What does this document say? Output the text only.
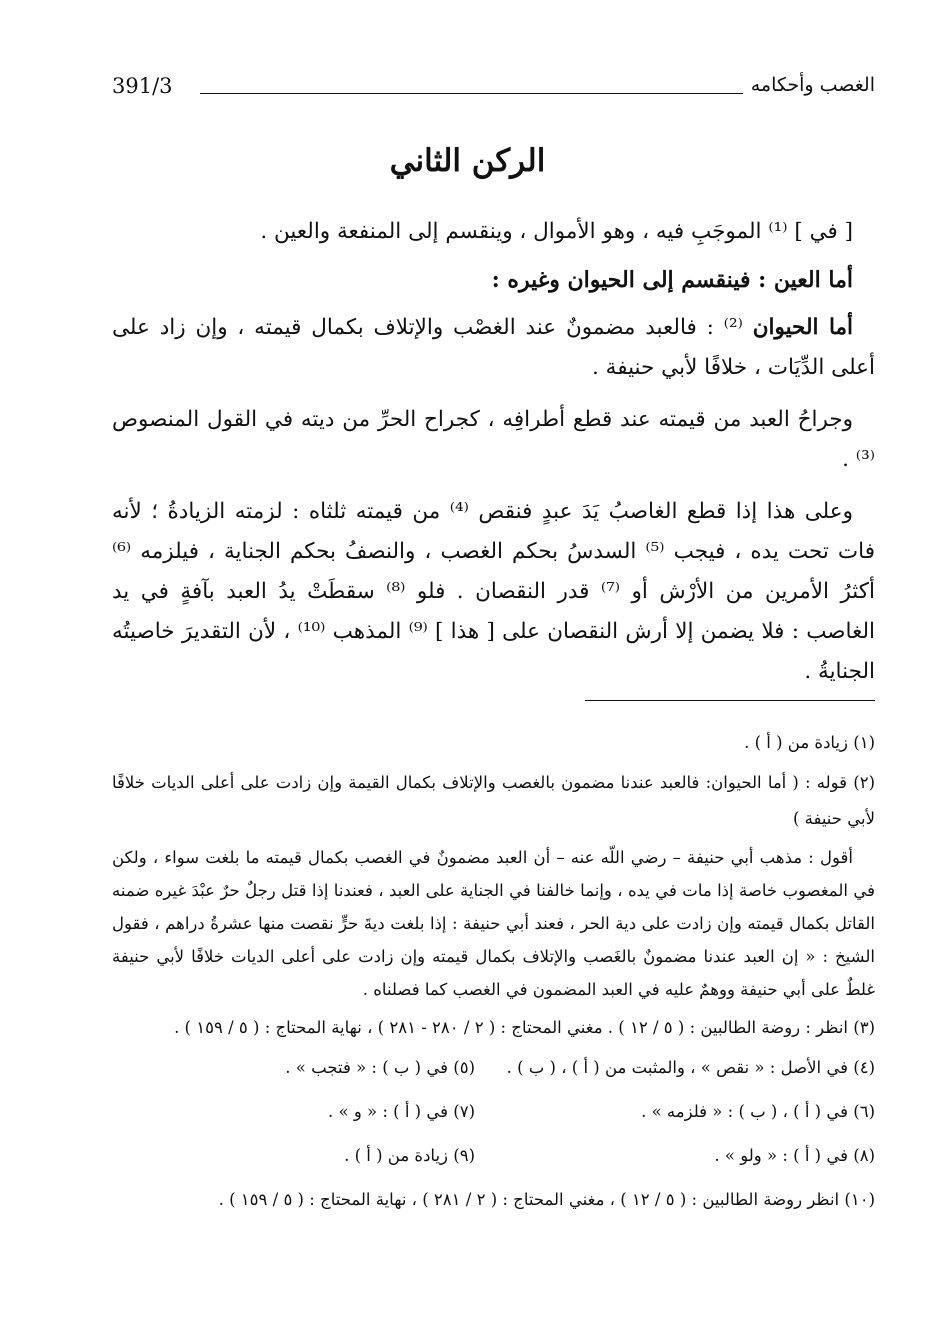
391/3	الغصب وأحكامه
الركن الثاني

[ في ] ⁽¹⁾ الموجَبِ فيه ، وهو الأموال ، وينقسم إلى المنفعة والعين .

أما العين : فينقسم إلى الحيوان وغيره :

أما الحيوان ⁽²⁾ : فالعبد مضمونٌ عند الغصْب والإتلاف بكمال قيمته ، وإن زاد على أعلى الدِّيَات ، خلافًا لأبي حنيفة .

وجراحُ العبد من قيمته عند قطع أطرافِه ، كجراح الحرِّ من ديته في القول المنصوص ⁽³⁾ .

وعلى هذا إذا قطع الغاصبُ يَدَ عبدٍ فنقص ⁽⁴⁾ من قيمته ثلثاه : لزمته الزيادةُ ؛ لأنه فات تحت يده ، فيجب ⁽⁵⁾ السدسُ بحكم الغصب ، والنصفُ بحكم الجناية ، فيلزمه ⁽⁶⁾ أكثرُ الأمرين من الأرْش أو ⁽⁷⁾ قدر النقصان . فلو ⁽⁸⁾ سقطَتْ يدُ العبد بآفةٍ في يد الغاصب : فلا يضمن إلا أرش النقصان على [ هذا ] ⁽⁹⁾ المذهب ⁽¹⁰⁾ ، لأن التقديرَ خاصيتُه الجنايةُ .

(١) زيادة من ( أ ) .

(٢) قوله : ( أما الحيوان: فالعبد عندنا مضمون بالغصب والإتلاف بكمال القيمة وإن زادت على أعلى الديات خلافًا لأبي حنيفة )

أقول : مذهب أبي حنيفة – رضي اللّه عنه – أن العبد مضمونٌ في الغصب بكمال قيمته ما بلغت سواء ، ولكن في المغصوب خاصة إذا مات في يده ، وإنما خالفنا في الجناية على العبد ، فعندنا إذا قتل رجلٌ حرٌ عبْدَ غيره ضمنه القاتل بكمال قيمته وإن زادت على دية الحر ، فعند أبي حنيفة : إذا بلغت ديةَ حرٍّ نقصت منها عشرةُ دراهم ، فقول الشيخ : « إن العبد عندنا مضمونٌ بالغَصب والإتلاف بكمال قيمته وإن زادت على أعلى الديات خلافًا لأبي حنيفة غلطٌ على أبي حنيفة ووهمٌ عليه في العبد المضمون في الغصب كما فصلناه .

(٣) انظر : روضة الطالبين : ( ٥ / ١٢ ) . مغني المحتاج : ( ٢ / ٢٨٠ - ٢٨١ ) ، نهاية المحتاج : ( ٥ / ١٥٩ ) .

(٤) في الأصل : « نقص » ، والمثبت من ( أ ) ، ( ب ) .
(٥) في ( ب ) : « فتجب » .
(٦) في ( أ ) ، ( ب ) : « فلزمه » .
(٧) في ( أ ) : « و » .
(٨) في ( أ ) : « ولو » .
(٩) زيادة من ( أ ) .

(١٠) انظر روضة الطالبين : ( ٥ / ١٢ ) ، مغني المحتاج : ( ٢ / ٢٨١ ) ، نهاية المحتاج : ( ٥ / ١٥٩ ) .
